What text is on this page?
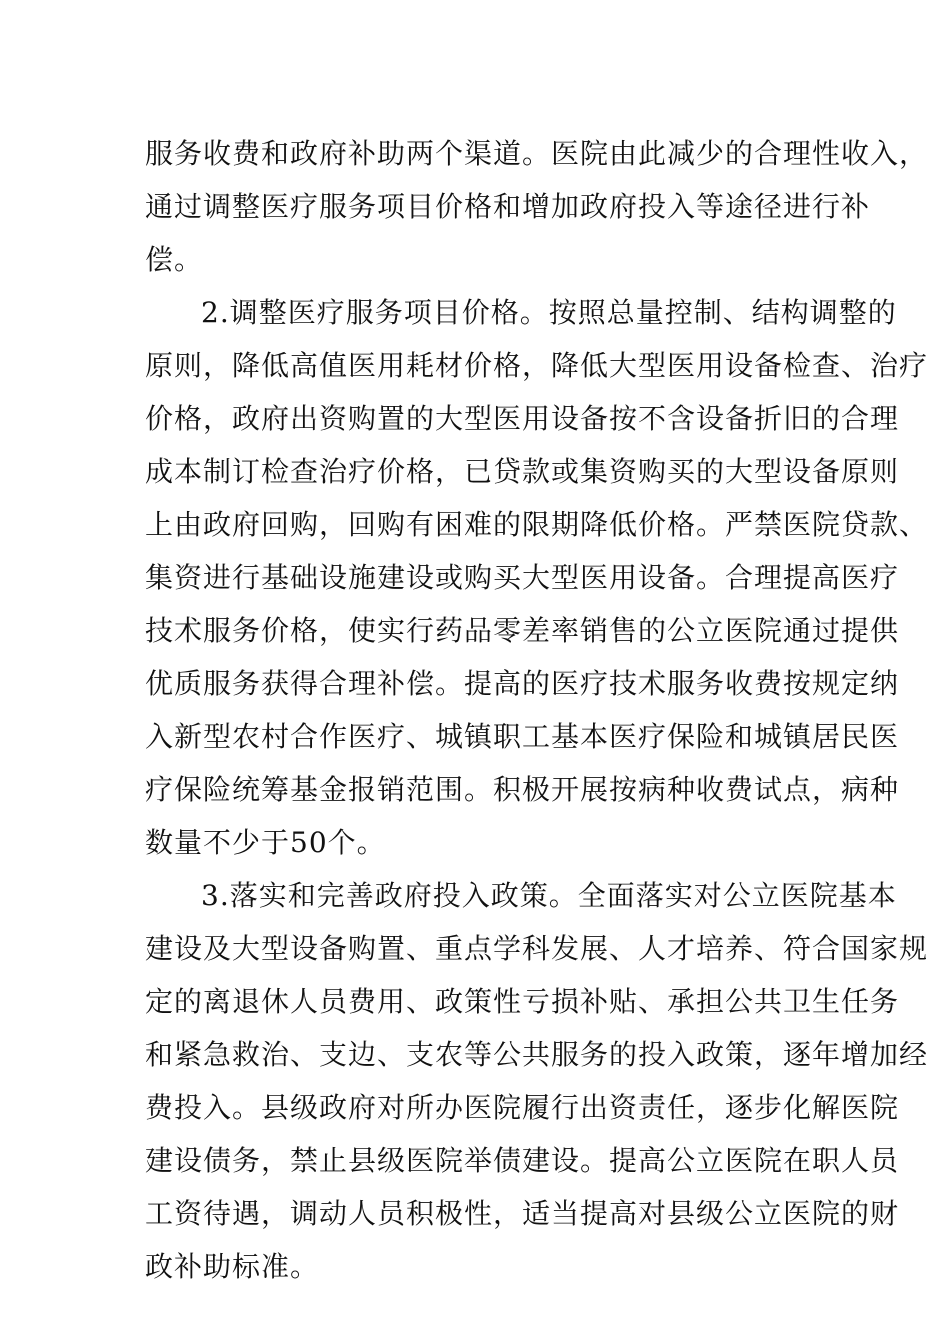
服务收费和政府补助两个渠道。医院由此减少的合理性收入，
通过调整医疗服务项目价格和增加政府投入等途径进行补
偿。
2.调整医疗服务项目价格。按照总量控制、结构调整的
原则，降低高值医用耗材价格，降低大型医用设备检查、治疗
价格，政府出资购置的大型医用设备按不含设备折旧的合理
成本制订检查治疗价格，已贷款或集资购买的大型设备原则
上由政府回购，回购有困难的限期降低价格。严禁医院贷款、
集资进行基础设施建设或购买大型医用设备。合理提高医疗
技术服务价格，使实行药品零差率销售的公立医院通过提供
优质服务获得合理补偿。提高的医疗技术服务收费按规定纳
入新型农村合作医疗、城镇职工基本医疗保险和城镇居民医
疗保险统筹基金报销范围。积极开展按病种收费试点，病种
数量不少于50个。
3.落实和完善政府投入政策。全面落实对公立医院基本
建设及大型设备购置、重点学科发展、人才培养、符合国家规
定的离退休人员费用、政策性亏损补贴、承担公共卫生任务
和紧急救治、支边、支农等公共服务的投入政策，逐年增加经
费投入。县级政府对所办医院履行出资责任，逐步化解医院
建设债务，禁止县级医院举债建设。提高公立医院在职人员
工资待遇，调动人员积极性，适当提高对县级公立医院的财
政补助标准。
